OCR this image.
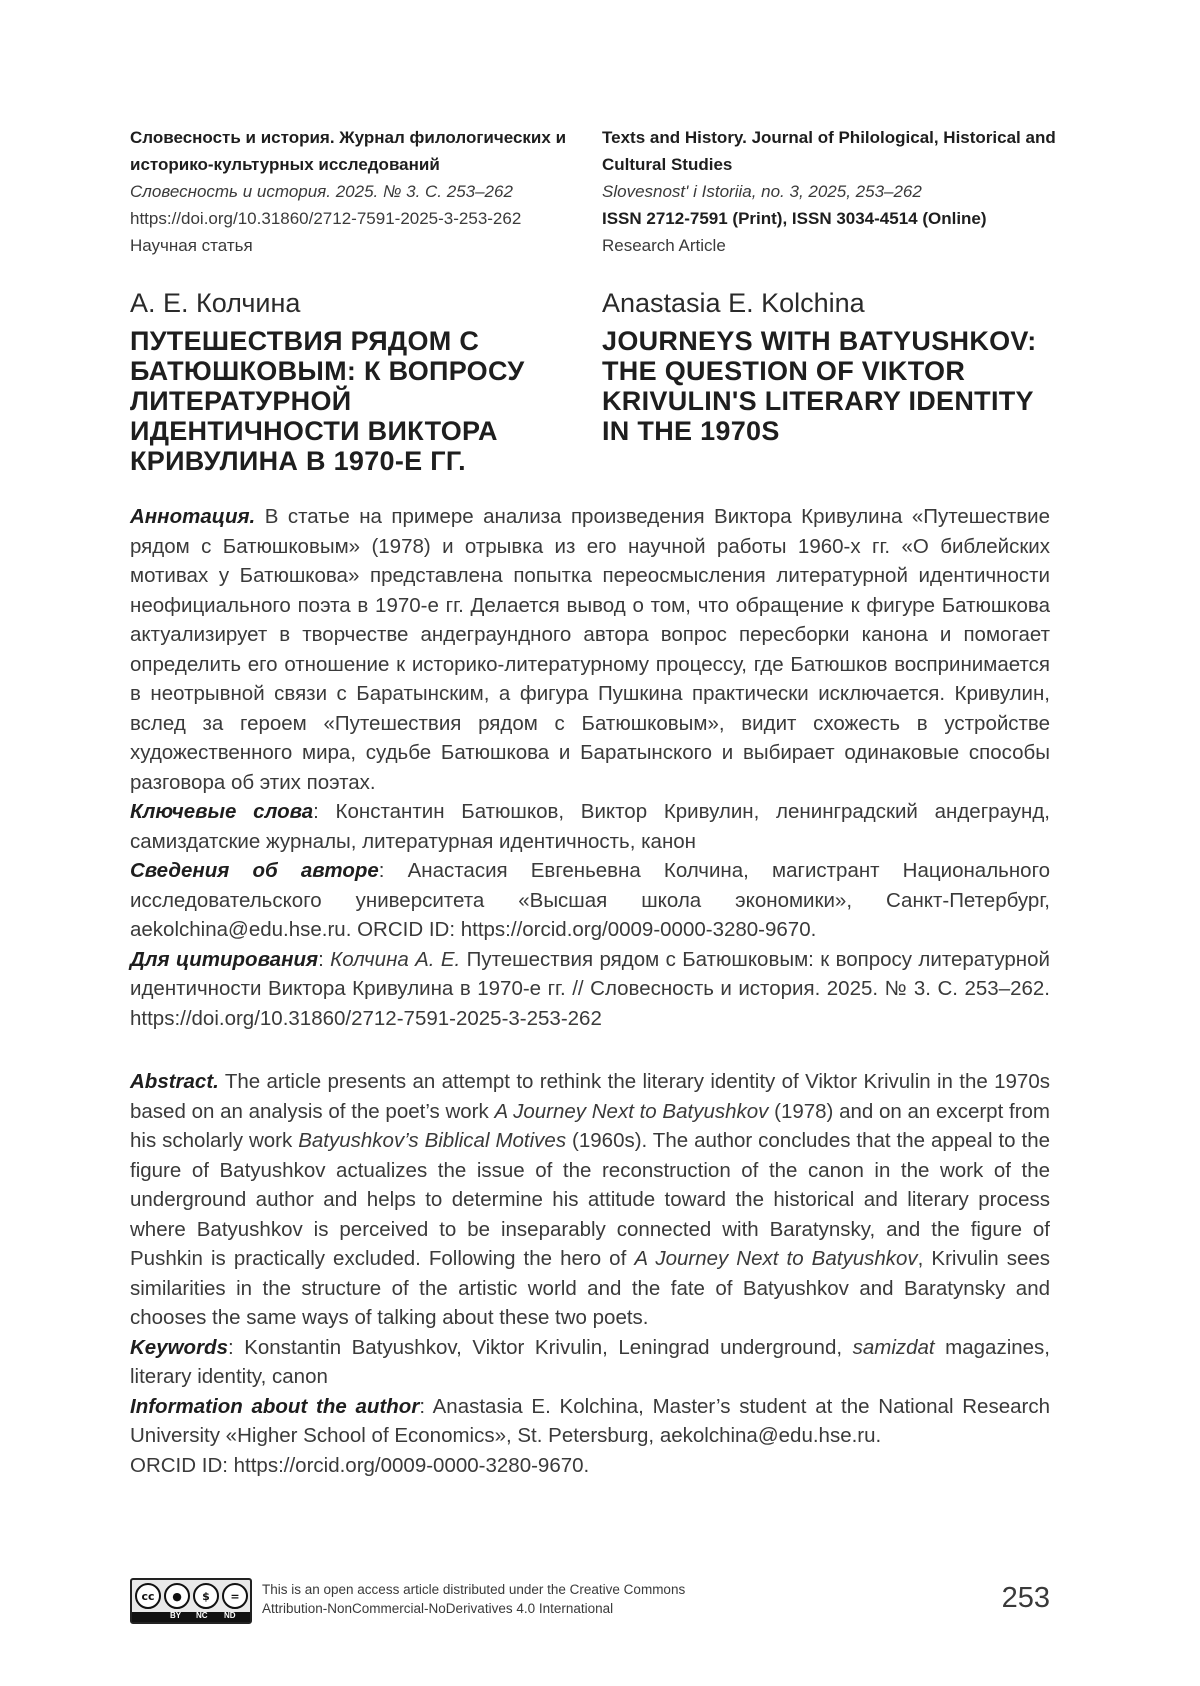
Словесность и история. Журнал филологических и историко-культурных исследований

Словесность и история. 2025. № 3. С. 253–262
https://doi.org/10.31860/2712-7591-2025-3-253-262
Научная статья

Texts and History. Journal of Philological, Historical and Cultural Studies

Slovesnost' i Istoriia, no. 3, 2025, 253–262
ISSN 2712-7591 (Print), ISSN 3034-4514 (Online)
Research Article
А. Е. Колчина	Anastasia E. Kolchina
ПУТЕШЕСТВИЯ РЯДОМ С БАТЮШКОВЫМ: К ВОПРОСУ ЛИТЕРАТУРНОЙ ИДЕНТИЧНОСТИ ВИКТОРА КРИВУЛИНА В 1970-Е ГГ.
JOURNEYS WITH BATYUSHKOV: THE QUESTION OF VIKTOR KRIVULIN'S LITERARY IDENTITY IN THE 1970S

Аннотация. В статье на примере анализа произведения Виктора Кривулина «Путешествие рядом с Батюшковым» (1978) и отрывка из его научной работы 1960-х гг. «О библейских мотивах у Батюшкова» представлена попытка переосмысления литературной идентичности неофициального поэта в 1970-е гг. Делается вывод о том, что обращение к фигуре Батюшкова актуализирует в творчестве андеграундного автора вопрос пересборки канона и помогает определить его отношение к историко-литературному процессу, где Батюшков воспринимается в неотрывной связи с Баратынским, а фигура Пушкина практически исключается. Кривулин, вслед за героем «Путешествия рядом с Батюшковым», видит схожесть в устройстве художественного мира, судьбе Батюшкова и Баратынского и выбирает одинаковые способы разговора об этих поэтах.

Ключевые слова: Константин Батюшков, Виктор Кривулин, ленинградский андеграунд, самиздатские журналы, литературная идентичность, канон

Сведения об авторе: Анастасия Евгеньевна Колчина, магистрант Национального исследовательского университета «Высшая школа экономики», Санкт-Петербург, aekolchina@edu.hse.ru. ORCID ID: https://orcid.org/0009-0000-3280-9670.

Для цитирования: Колчина А. Е. Путешествия рядом с Батюшковым: к вопросу литературной идентичности Виктора Кривулина в 1970-е гг. // Словесность и история. 2025. № 3. С. 253–262. https://doi.org/10.31860/2712-7591-2025-3-253-262

Abstract. The article presents an attempt to rethink the literary identity of Viktor Krivulin in the 1970s based on an analysis of the poet’s work A Journey Next to Batyushkov (1978) and on an excerpt from his scholarly work Batyushkov’s Biblical Motives (1960s). The author concludes that the appeal to the figure of Batyushkov actualizes the issue of the reconstruction of the canon in the work of the underground author and helps to determine his attitude toward the historical and literary process where Batyushkov is perceived to be inseparably connected with Baratynsky, and the figure of Pushkin is practically excluded. Following the hero of A Journey Next to Batyushkov, Krivulin sees similarities in the structure of the artistic world and the fate of Batyushkov and Baratynsky and chooses the same ways of talking about these two poets.

Keywords: Konstantin Batyushkov, Viktor Krivulin, Leningrad underground, samizdat magazines, literary identity, canon

Information about the author: Anastasia E. Kolchina, Master’s student at the National Research University «Higher School of Economics», St. Petersburg, aekolchina@edu.hse.ru.

ORCID ID: https://orcid.org/0009-0000-3280-9670.

cc	●	$	=
BY NC ND
This is an open access article distributed under the Creative Commons
Attribution-NonCommercial-NoDerivatives 4.0 International	253
